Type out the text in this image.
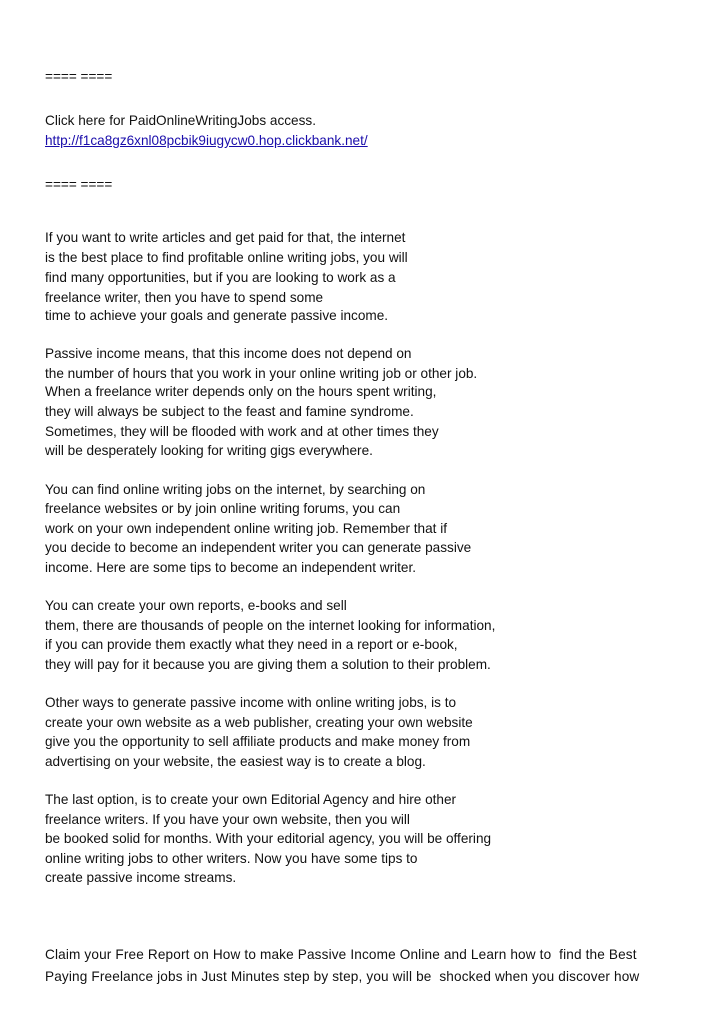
==== ====

Click here for PaidOnlineWritingJobs access.

http://f1ca8gz6xnl08pcbik9iugycw0.hop.clickbank.net/

==== ====

If you want to write articles and get paid for that, the internet

is the best place to find profitable online writing jobs, you will

find many opportunities, but if you are looking to work as a

freelance writer, then you have to spend some

time to achieve your goals and generate passive income.

Passive income means, that this income does not depend on

the number of hours that you work in your online writing job or other job.

When a freelance writer depends only on the hours spent writing,

they will always be subject to the feast and famine syndrome.

Sometimes, they will be flooded with work and at other times they

will be desperately looking for writing gigs everywhere.

You can find online writing jobs on the internet, by searching on

freelance websites or by join online writing forums, you can

work on your own independent online writing job. Remember that if

you decide to become an independent writer you can generate passive

income. Here are some tips to become an independent writer.

You can create your own reports, e-books and sell

them, there are thousands of people on the internet looking for information,

if you can provide them exactly what they need in a report or e-book,

they will pay for it because you are giving them a solution to their problem.

Other ways to generate passive income with online writing jobs, is to

create your own website as a web publisher, creating your own website

give you the opportunity to sell affiliate products and make money from

advertising on your website, the easiest way is to create a blog.

The last option, is to create your own Editorial Agency and hire other

freelance writers. If you have your own website, then you will

be booked solid for months. With your editorial agency, you will be offering

online writing jobs to other writers. Now you have some tips to

create passive income streams.

Claim your Free Report on How to make Passive Income Online and Learn how to  find the Best

Paying Freelance jobs in Just Minutes step by step, you will be  shocked when you discover how
